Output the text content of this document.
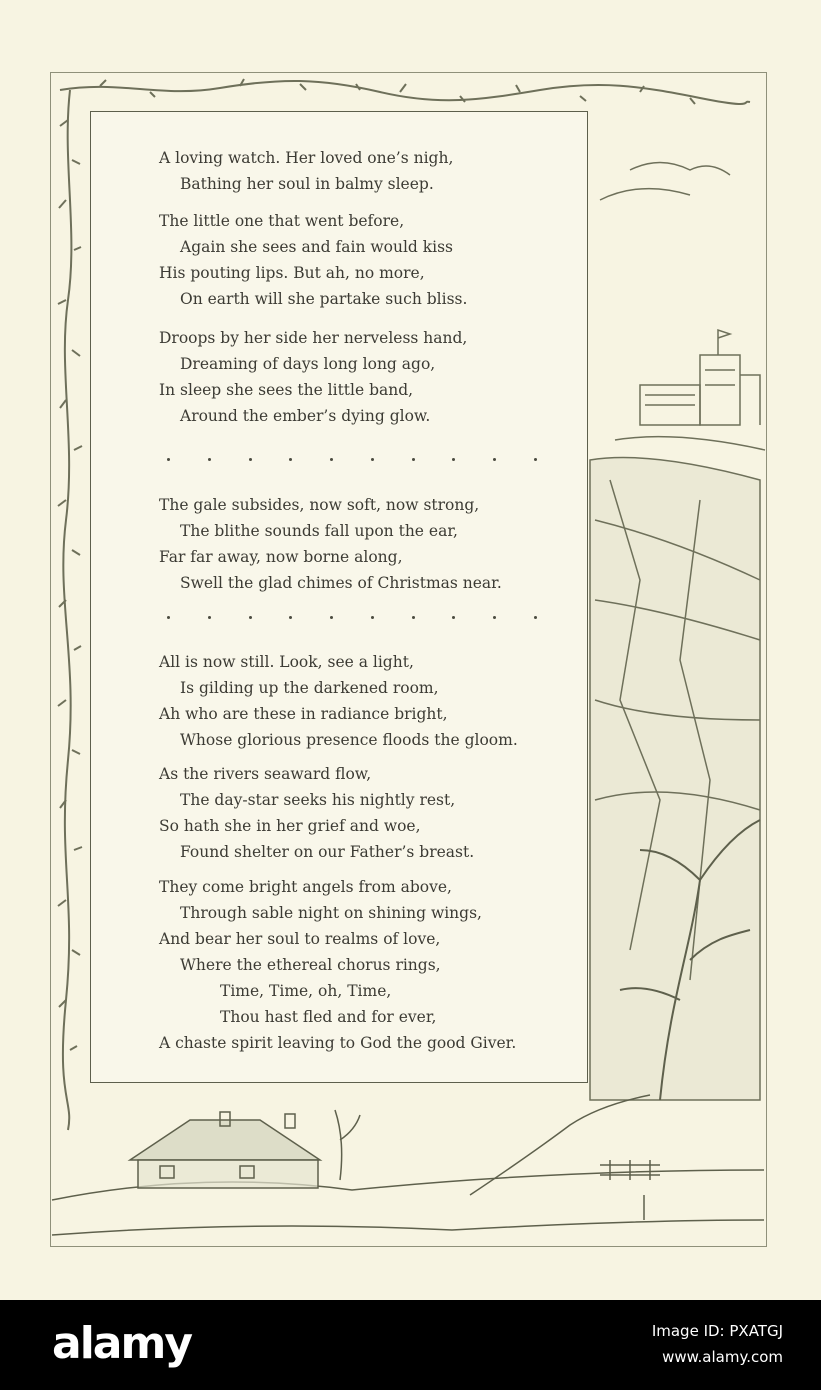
A loving watch. Her loved one’s nigh,
Bathing her soul in balmy sleep.
The little one that went before,
Again she sees and fain would kiss
His pouting lips. But ah, no more,
On earth will she partake such bliss.
Droops by her side her nerveless hand,
Dreaming of days long long ago,
In sleep she sees the little band,
Around the ember’s dying glow.
The gale subsides, now soft, now strong,
The blithe sounds fall upon the ear,
Far far away, now borne along,
Swell the glad chimes of Christmas near.
All is now still. Look, see a light,
Is gilding up the darkened room,
Ah who are these in radiance bright,
Whose glorious presence floods the gloom.
As the rivers seaward flow,
The day-star seeks his nightly rest,
So hath she in her grief and woe,
Found shelter on our Father’s breast.
They come bright angels from above,
Through sable night on shining wings,
And bear her soul to realms of love,
Where the ethereal chorus rings,
Time, Time, oh, Time,
Thou hast fled and for ever,
A chaste spirit leaving to God the good Giver.
alamy	Image ID: PXATGJ
www.alamy.com
